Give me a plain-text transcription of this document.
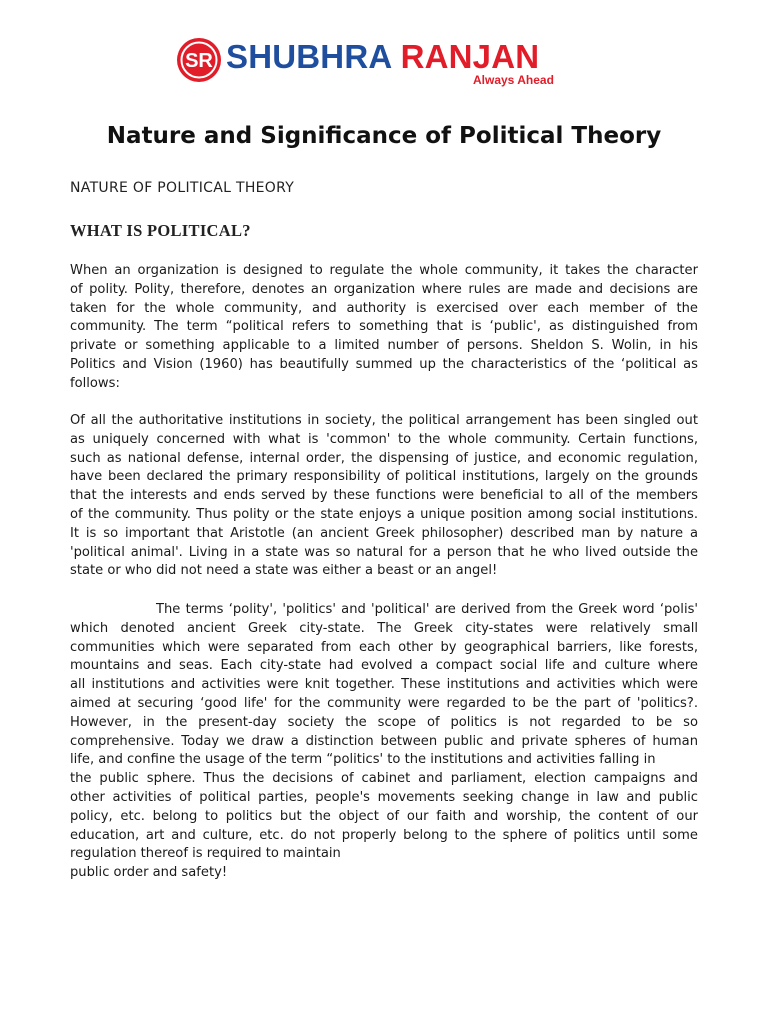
SR SHUBHRA RANJAN
Always Ahead
Nature and Significance of Political Theory
NATURE OF POLITICAL THEORY
WHAT IS POLITICAL?
When an organization is designed to regulate the whole community, it takes the character
of polity. Polity, therefore, denotes an organization where rules are made and decisions are
taken for the whole community, and authority is exercised over each member of the
community. The term “political refers to something that is ‘public', as distinguished from
private or something applicable to a limited number of persons. Sheldon S. Wolin, in his
Politics and Vision (1960) has beautifully summed up the characteristics of the ‘political as
follows:
Of all the authoritative institutions in society, the political arrangement has been singled out
as uniquely concerned with what is 'common' to the whole community. Certain functions,
such as national defense, internal order, the dispensing of justice, and economic regulation,
have been declared the primary responsibility of political institutions, largely on the grounds
that the interests and ends served by these functions were beneficial to all of the members
of the community. Thus polity or the state enjoys a unique position among social institutions.
It is so important that Aristotle (an ancient Greek philosopher) described man by nature a
'political animal'. Living in a state was so natural for a person that he who lived outside the
state or who did not need a state was either a beast or an angel!
The terms ‘polity', 'politics' and 'political' are derived from the Greek word ‘polis'
which denoted ancient Greek city-state. The Greek city-states were relatively small
communities which were separated from each other by geographical barriers, like forests,
mountains and seas. Each city-state had evolved a compact social life and culture where
all institutions and activities were knit together. These institutions and activities which were
aimed at securing ‘good life' for the community were regarded to be the part of 'politics?.
However, in the present-day society the scope of politics is not regarded to be so
comprehensive. Today we draw a distinction between public and private spheres of human
life, and confine the usage of the term “politics' to the institutions and activities falling in
the public sphere. Thus the decisions of cabinet and parliament, election campaigns and
other activities of political parties, people's movements seeking change in law and public
policy, etc. belong to politics but the object of our faith and worship, the content of our
education, art and culture, etc. do not properly belong to the sphere of politics until some
regulation thereof is required to maintain
public order and safety!
